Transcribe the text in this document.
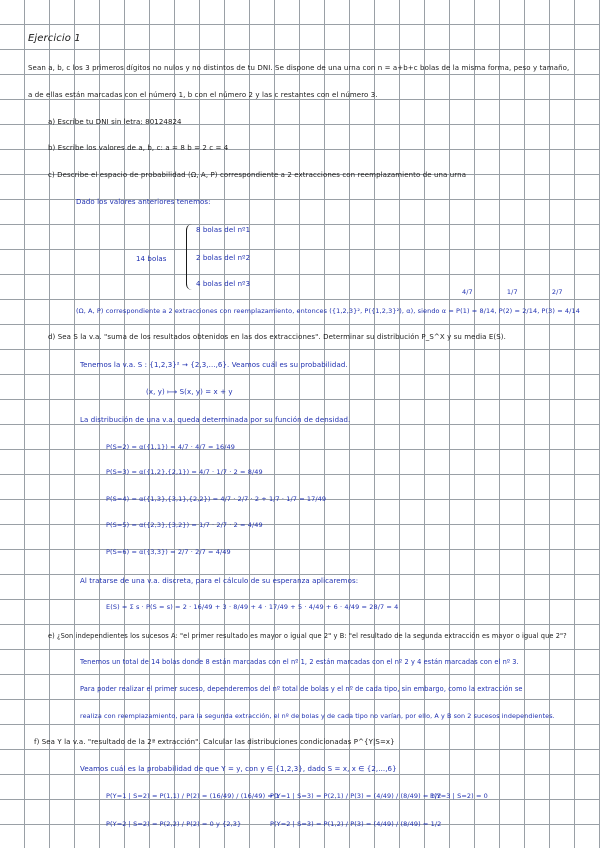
Ejercicio 1
Sean a, b, c los 3 primeros dígitos no nulos y no distintos de tu DNI. Se dispone de una urna con n = a+b+c bolas de la misma forma, peso y tamaño,
a de ellas están marcadas con el número 1, b con el número 2 y las c restantes con el número 3.
a) Escribe tu DNI sin letra: 80124824
b) Escribe los valores de a, b, c: a = 8 b = 2 c = 4
c) Describe el espacio de probabilidad (Ω, A, P) correspondiente a 2 extracciones con reemplazamiento de una urna
Dado los valores anteriores tenemos:
14 bolas
8 bolas del nº1
2 bolas del nº2
4 bolas del nº3
4/7 1/7 2/7
(Ω, A, P) correspondiente a 2 extracciones con reemplazamiento, entonces ({1,2,3}², P({1,2,3}²), α), siendo α = P(1) = 8/14, P(2) = 2/14, P(3) = 4/14
d) Sea S la v.a. "suma de los resultados obtenidos en las dos extracciones". Determinar su distribución P_S^X y su media E(S).
Tenemos la v.a. S : {1,2,3}² → {2,3,...,6}. Veamos cuál es su probabilidad.
(x, y) ⟼ S(x, y) = x + y
La distribución de una v.a. queda determinada por su función de densidad.
P(S=2) = α({1,1}) = 4/7 · 4/7 = 16/49
P(S=3) = α({1,2},{2,1}) = 4/7 · 1/7 · 2 = 8/49
P(S=4) = α({1,3},{3,1},{2,2}) = 4/7 · 2/7 · 2 + 1/7 · 1/7 = 17/49
P(S=5) = α({2,3},{3,2}) = 1/7 · 2/7 · 2 = 4/49
P(S=6) = α({3,3}) = 2/7 · 2/7 = 4/49
Al tratarse de una v.a. discreta, para el cálculo de su esperanza aplicaremos:
E(S) = Σ s · P(S = s) = 2 · 16/49 + 3 · 8/49 + 4 · 17/49 + 5 · 4/49 + 6 · 4/49 = 28/7 = 4
e) ¿Son independientes los sucesos A: "el primer resultado es mayor o igual que 2" y B: "el resultado de la segunda extracción es mayor o igual que 2"?
Tenemos un total de 14 bolas donde 8 están marcadas con el nº 1, 2 están marcadas con el nº 2 y 4 están marcadas con el nº 3.
Para poder realizar el primer suceso, dependeremos del nº total de bolas y el nº de cada tipo, sin embargo, como la extracción se
realiza con reemplazamiento, para la segunda extracción, el nº de bolas y de cada tipo no varían, por ello, A y B son 2 sucesos independientes.
f) Sea Y la v.a. "resultado de la 2ª extracción". Calcular las distribuciones condicionadas P^{Y|S=x}
Veamos cuál es la probabilidad de que Y = y, con y ∈ {1,2,3}, dado S = x, x ∈ {2,...,6}
P(Y=1 | S=2) = P(1,1) / P(2) = (16/49) / (16/49) = 1
P(Y=1 | S=3) = P(2,1) / P(3) = (4/49) / (8/49) = 1/2
P(Y=3 | S=2) = 0
P(Y=2 | S=2) = P(2,2) / P(2) = 0 y {2,3}	P(Y=2 | S=3) = P(1,2) / P(3) = (4/49) / (8/49) = 1/2
